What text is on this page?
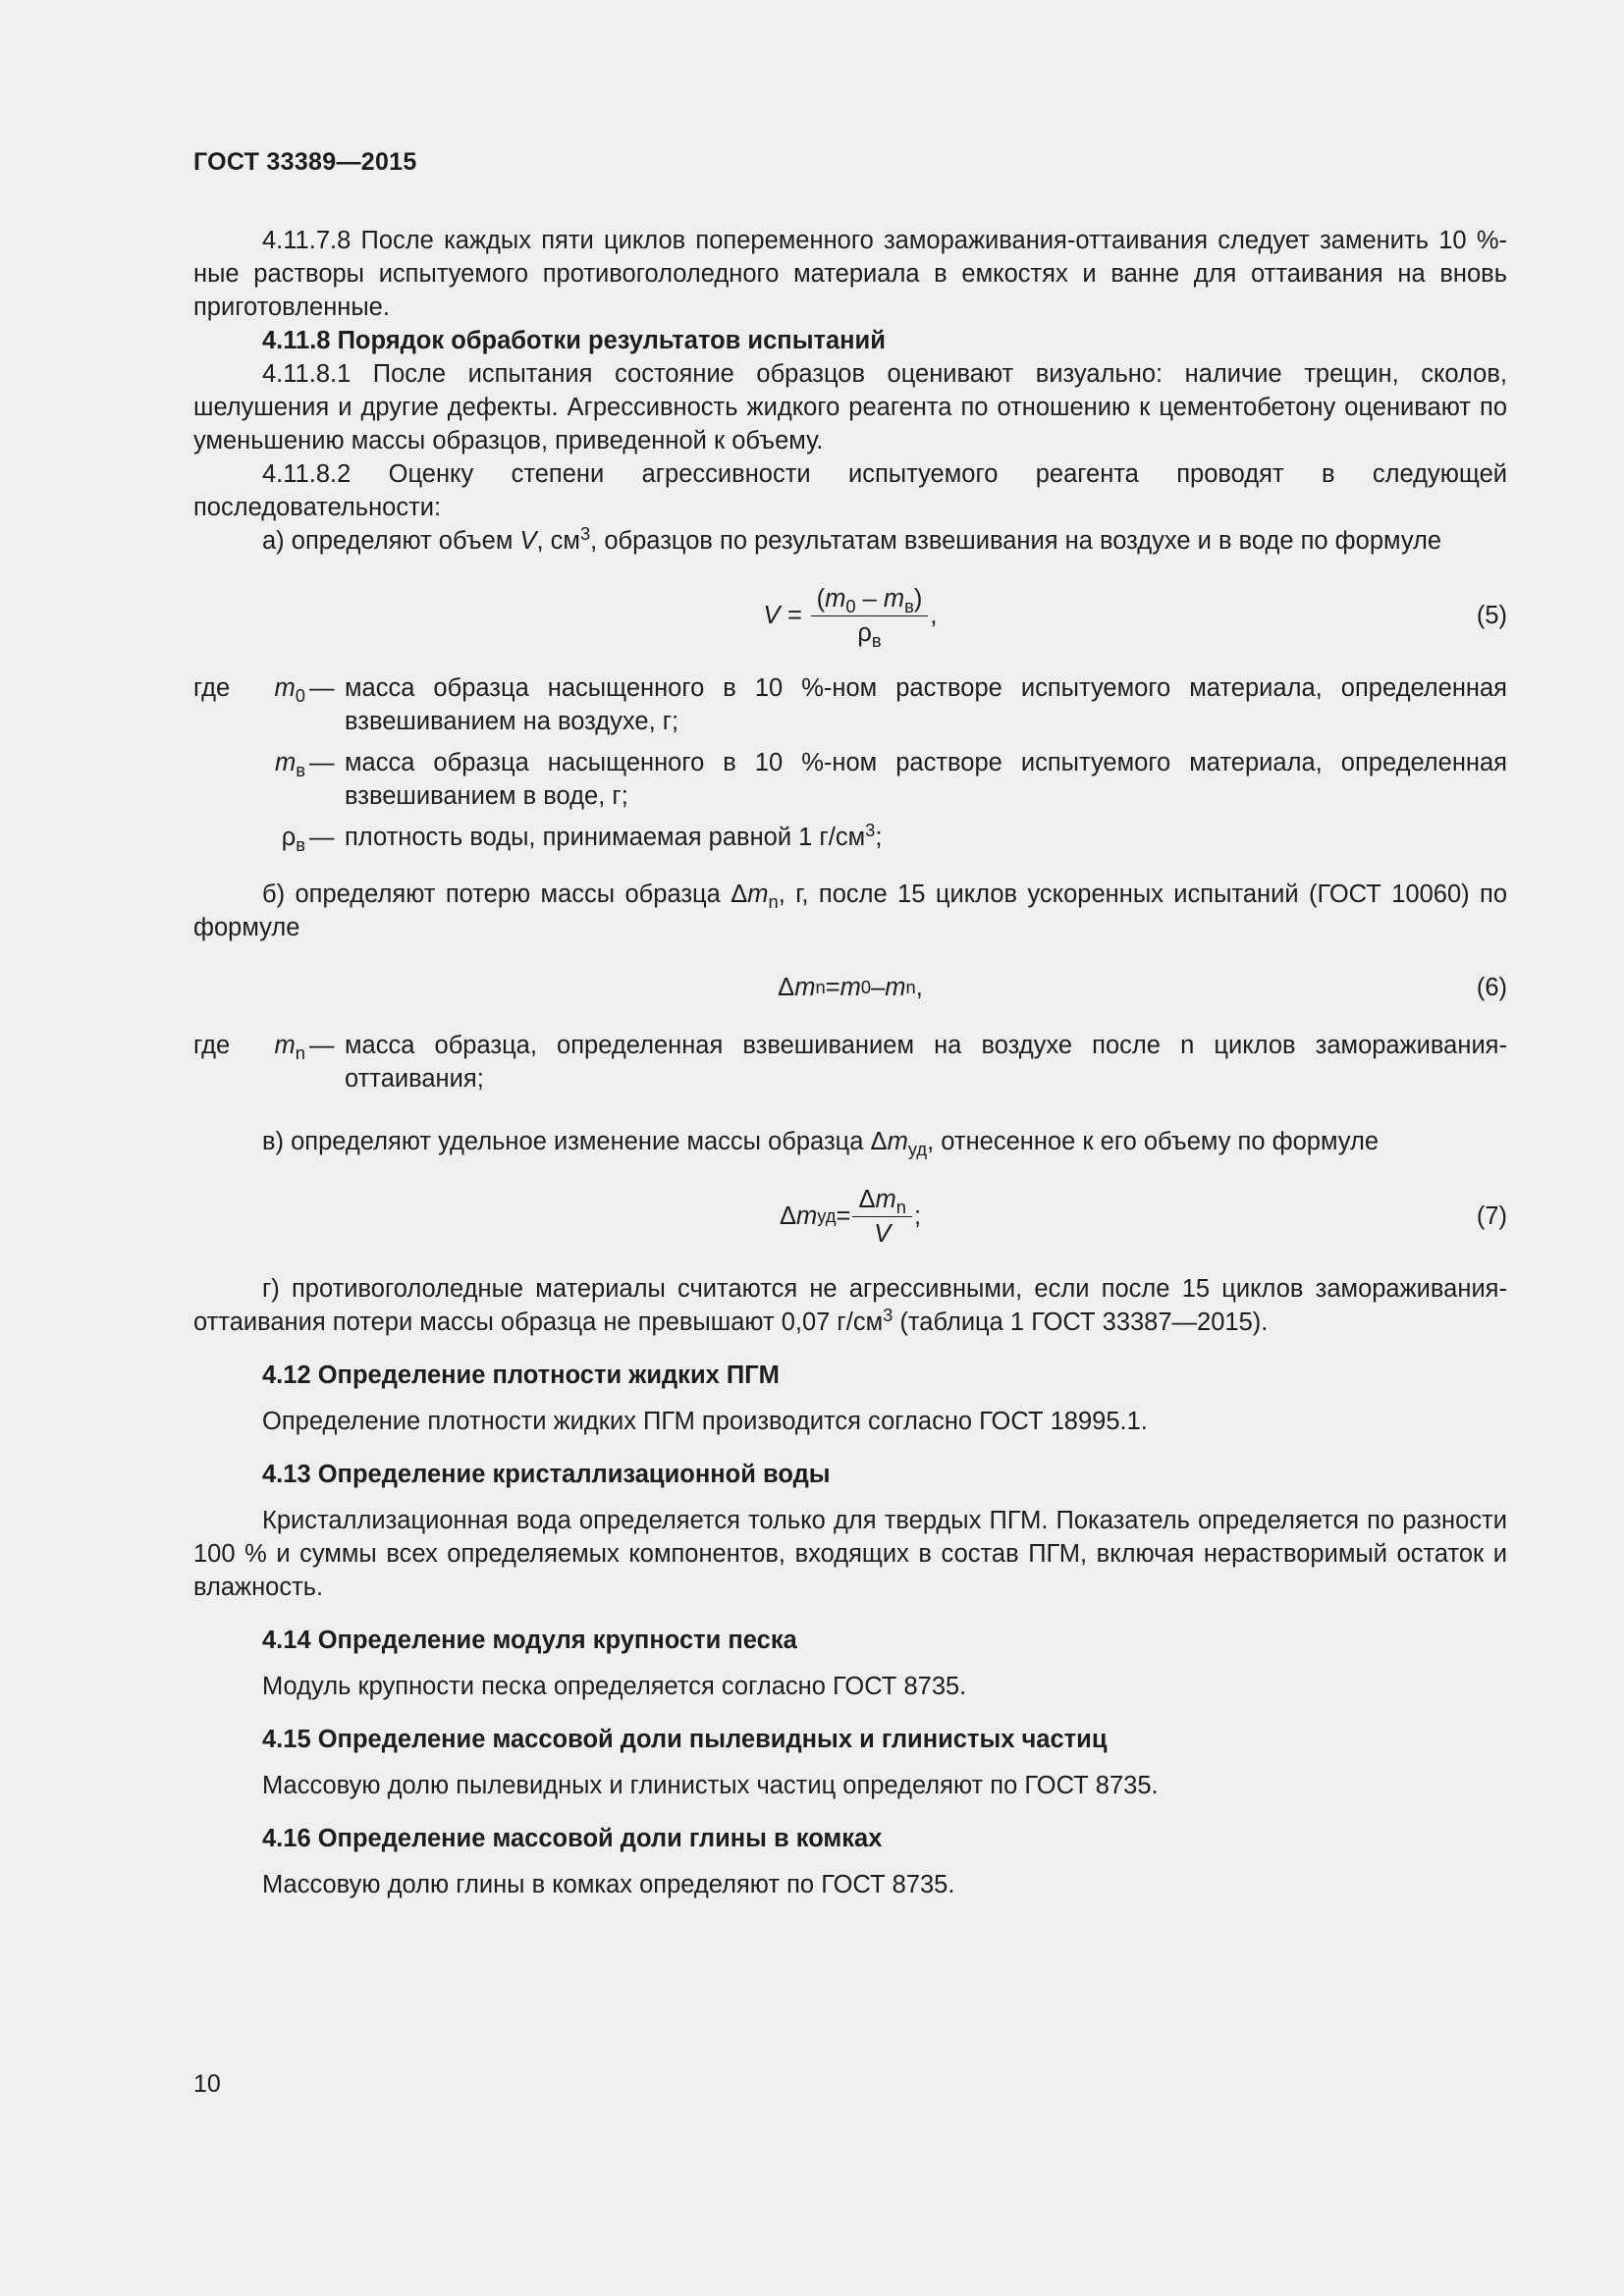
ГОСТ 33389—2015

4.11.7.8 После каждых пяти циклов попеременного замораживания-оттаивания следует заменить 10 %-ные растворы испытуемого противогололедного материала в емкостях и ванне для оттаивания на вновь приготовленные.

4.11.8 Порядок обработки результатов испытаний

4.11.8.1 После испытания состояние образцов оценивают визуально: наличие трещин, сколов, шелушения и другие дефекты. Агрессивность жидкого реагента по отношению к цементобетону оценивают по уменьшению массы образцов, приведенной к объему.

4.11.8.2 Оценку степени агрессивности испытуемого реагента проводят в следующей последовательности:

а) определяют объем V, $см^3$, образцов по результатам взвешивания на воздухе и в воде по формуле

V =
$\frac{(m_0 - m_в)}{\rho_в}$ ,	(5)
где	$m_0$ — масса образца насыщенного в 10 %-ном растворе испытуемого материала, определенная взвешиванием на воздухе, г;
$m_в$ — масса образца насыщенного в 10 %-ном растворе испытуемого материала, определенная взвешиванием в воде, г;
$\rho_в$ — плотность воды, принимаемая равной 1 $г/см^3$;

б) определяют потерю массы образца $\Delta m_n$, г, после 15 циклов ускоренных испытаний (ГОСТ 10060) по формуле

Δ m n = m 0 – m n ,	(6)
где	$m_n$ — масса образца, определенная взвешиванием на воздухе после n циклов замораживания-оттаивания;

в) определяют удельное изменение массы образца $\Delta m_{уд}$, отнесенное к его объему по формуле

Δ m уд = $\frac{\Delta m_n}{V}$ ;	(7)

г) противогололедные материалы считаются не агрессивными, если после 15 циклов замораживания-оттаивания потери массы образца не превышают 0,07 $г/см^3$ (таблица 1 ГОСТ 33387—2015).

4.12 Определение плотности жидких ПГМ

Определение плотности жидких ПГМ производится согласно ГОСТ 18995.1.

4.13 Определение кристаллизационной воды

Кристаллизационная вода определяется только для твердых ПГМ. Показатель определяется по разности 100 % и суммы всех определяемых компонентов, входящих в состав ПГМ, включая нерастворимый остаток и влажность.

4.14 Определение модуля крупности песка

Модуль крупности песка определяется согласно ГОСТ 8735.

4.15 Определение массовой доли пылевидных и глинистых частиц

Массовую долю пылевидных и глинистых частиц определяют по ГОСТ 8735.

4.16 Определение массовой доли глины в комках

Массовую долю глины в комках определяют по ГОСТ 8735.

10
